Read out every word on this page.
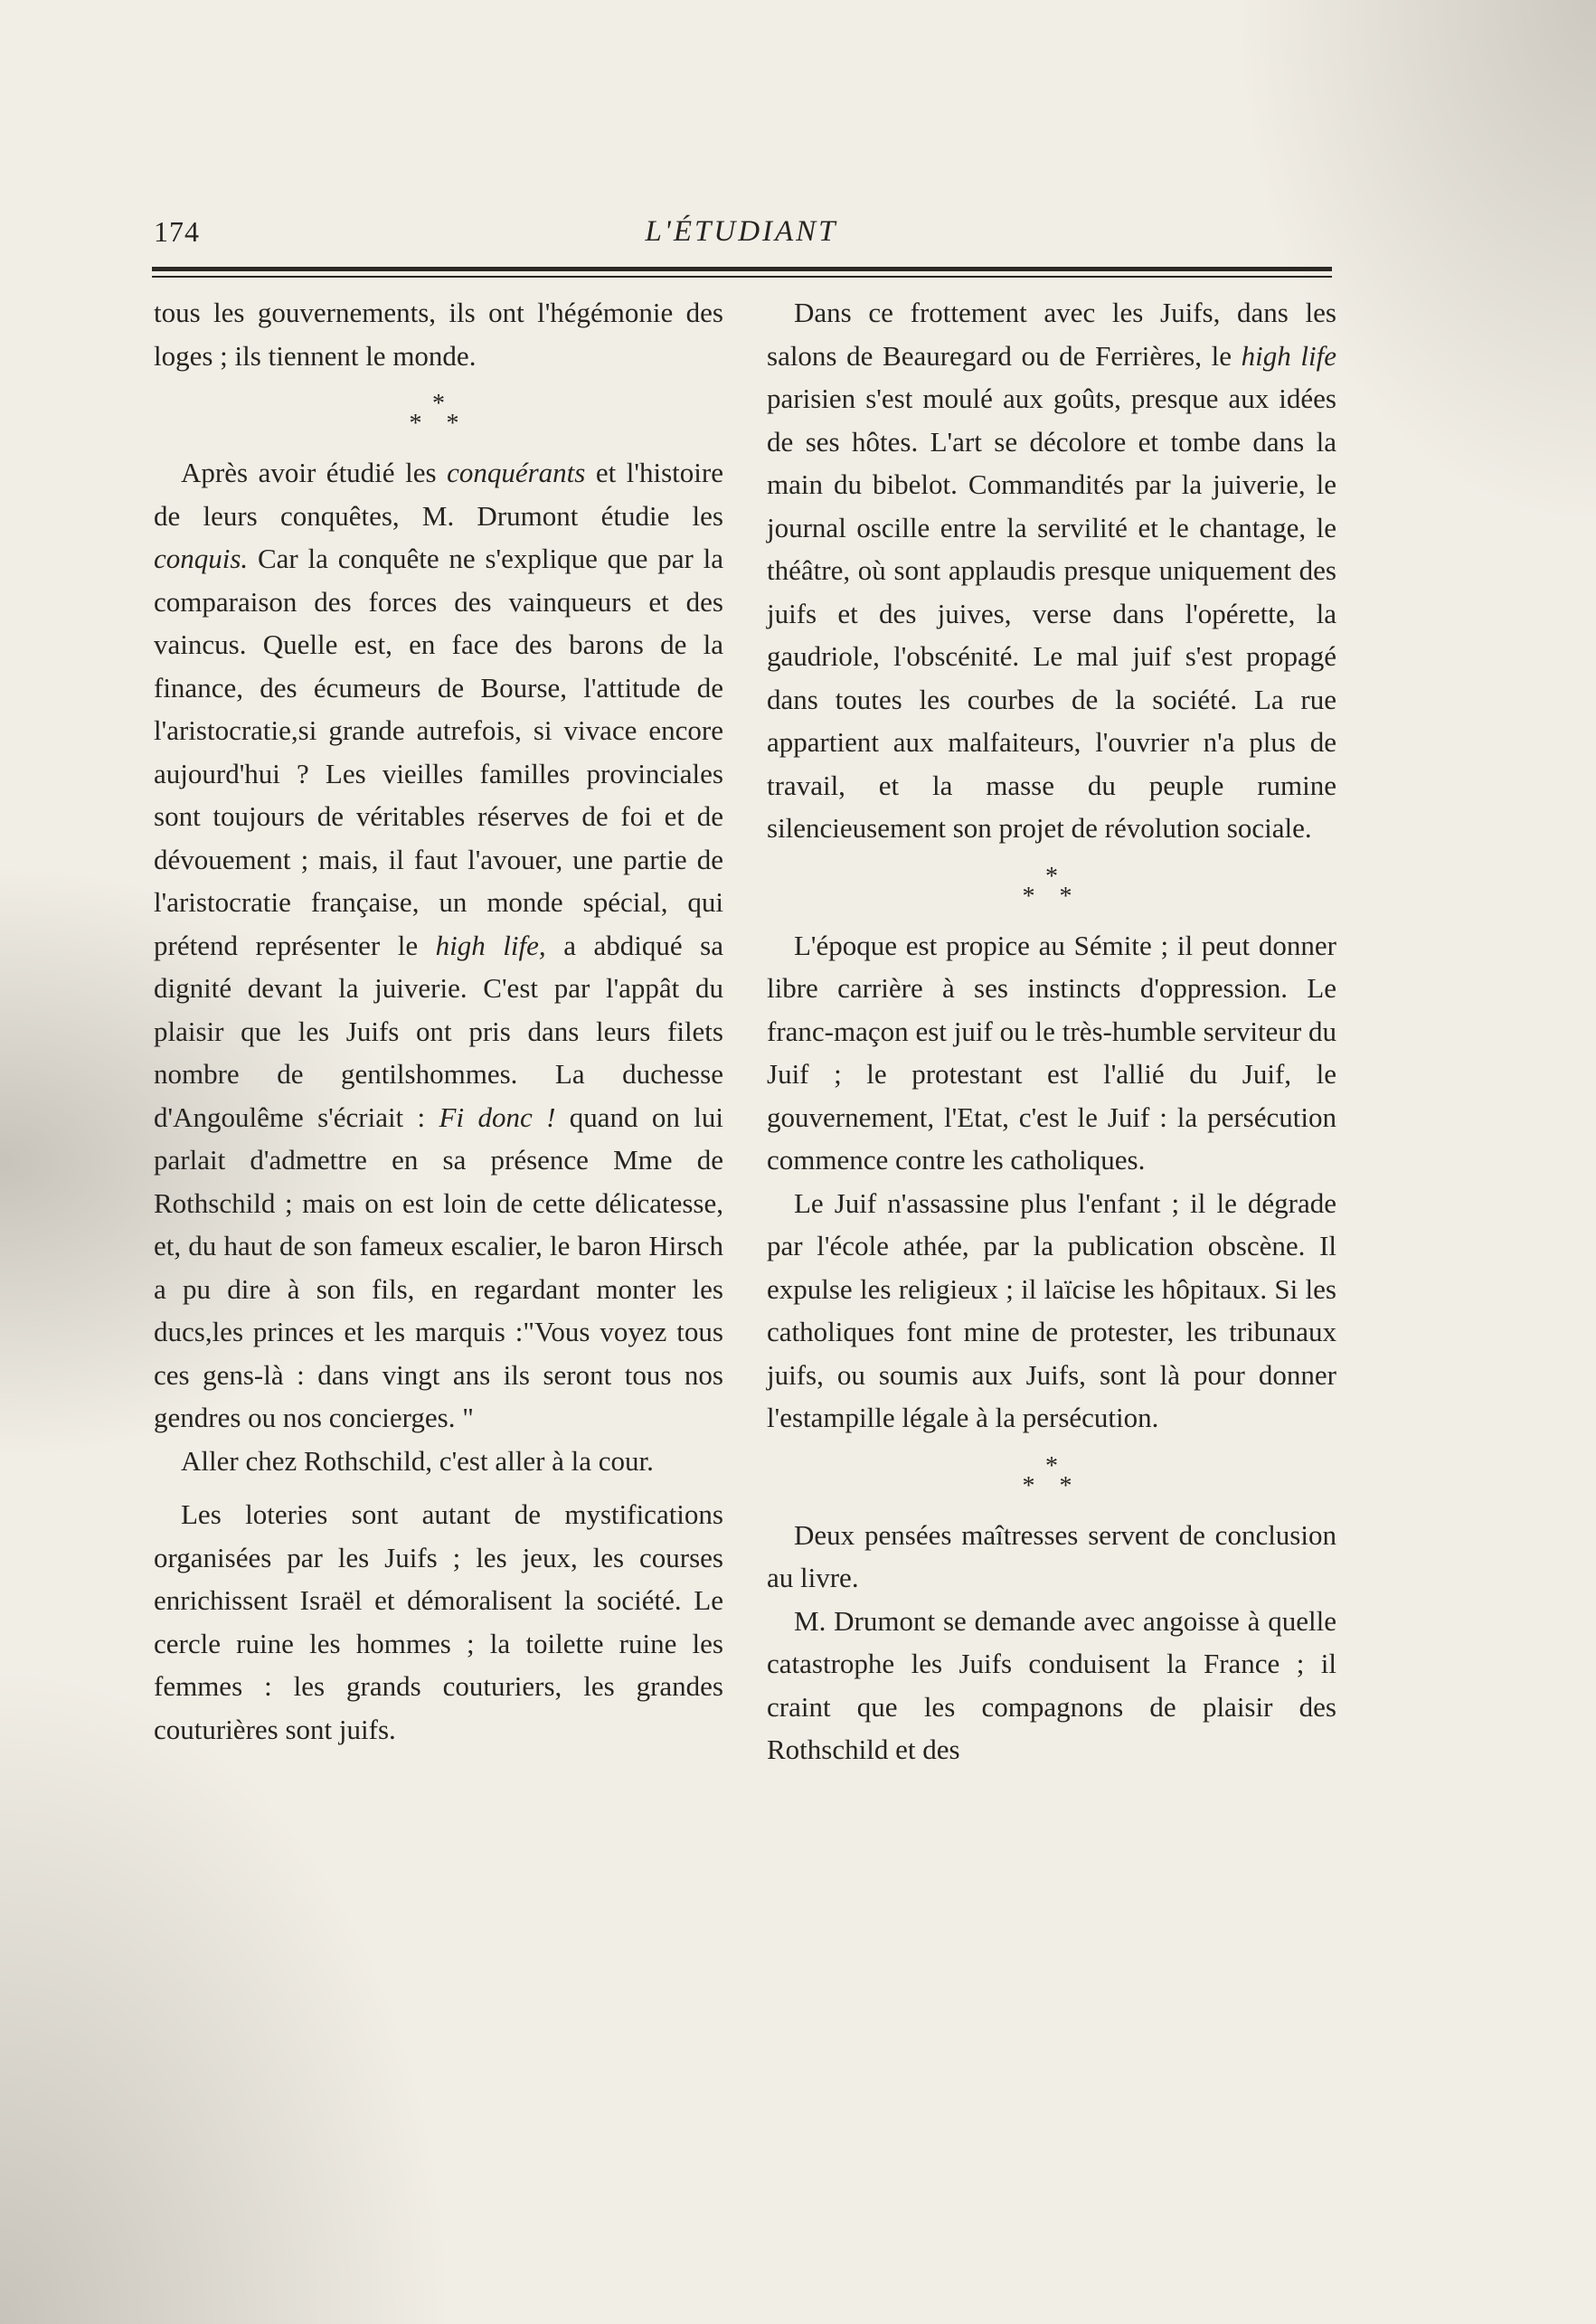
174	L'ÉTUDIANT

tous les gouvernements, ils ont l'hégémonie des loges ; ils tiennent le monde.

*
* *

Après avoir étudié les conquérants et l'histoire de leurs conquêtes, M. Drumont étudie les conquis. Car la conquête ne s'explique que par la comparaison des forces des vainqueurs et des vaincus. Quelle est, en face des barons de la finance, des écumeurs de Bourse, l'attitude de l'aristocratie,si grande autrefois, si vivace encore aujourd'hui ? Les vieilles familles provinciales sont toujours de véritables réserves de foi et de dévouement ; mais, il faut l'avouer, une partie de l'aristocratie française, un monde spécial, qui prétend représenter le high life, a abdiqué sa dignité devant la juiverie. C'est par l'appât du plaisir que les Juifs ont pris dans leurs filets nombre de gentilshommes. La duchesse d'Angoulême s'écriait : Fi donc ! quand on lui parlait d'admettre en sa présence Mme de Rothschild ; mais on est loin de cette délicatesse, et, du haut de son fameux escalier, le baron Hirsch a pu dire à son fils, en regardant monter les ducs,les princes et les marquis :"Vous voyez tous ces gens-là : dans vingt ans ils seront tous nos gendres ou nos concierges. "

Aller chez Rothschild, c'est aller à la cour.

Les loteries sont autant de mystifications organisées par les Juifs ; les jeux, les courses enrichissent Israël et démoralisent la société. Le cercle ruine les hommes ; la toilette ruine les femmes : les grands couturiers, les grandes couturières sont juifs.

Dans ce frottement avec les Juifs, dans les salons de Beauregard ou de Ferrières, le high life parisien s'est moulé aux goûts, presque aux idées de ses hôtes. L'art se décolore et tombe dans la main du bibelot. Commandités par la juiverie, le journal oscille entre la servilité et le chantage, le théâtre, où sont applaudis presque uniquement des juifs et des juives, verse dans l'opérette, la gaudriole, l'obscénité. Le mal juif s'est propagé dans toutes les courbes de la société. La rue appartient aux malfaiteurs, l'ouvrier n'a plus de travail, et la masse du peuple rumine silencieusement son projet de révolution sociale.

*
* *

L'époque est propice au Sémite ; il peut donner libre carrière à ses instincts d'oppression. Le franc-maçon est juif ou le très-humble serviteur du Juif ; le protestant est l'allié du Juif, le gouvernement, l'Etat, c'est le Juif : la persécution commence contre les catholiques.

Le Juif n'assassine plus l'enfant ; il le dégrade par l'école athée, par la publication obscène. Il expulse les religieux ; il laïcise les hôpitaux. Si les catholiques font mine de protester, les tribunaux juifs, ou soumis aux Juifs, sont là pour donner l'estampille légale à la persécution.

*
* *

Deux pensées maîtresses servent de conclusion au livre.

M. Drumont se demande avec angoisse à quelle catastrophe les Juifs conduisent la France ; il craint que les compagnons de plaisir des Rothschild et des
